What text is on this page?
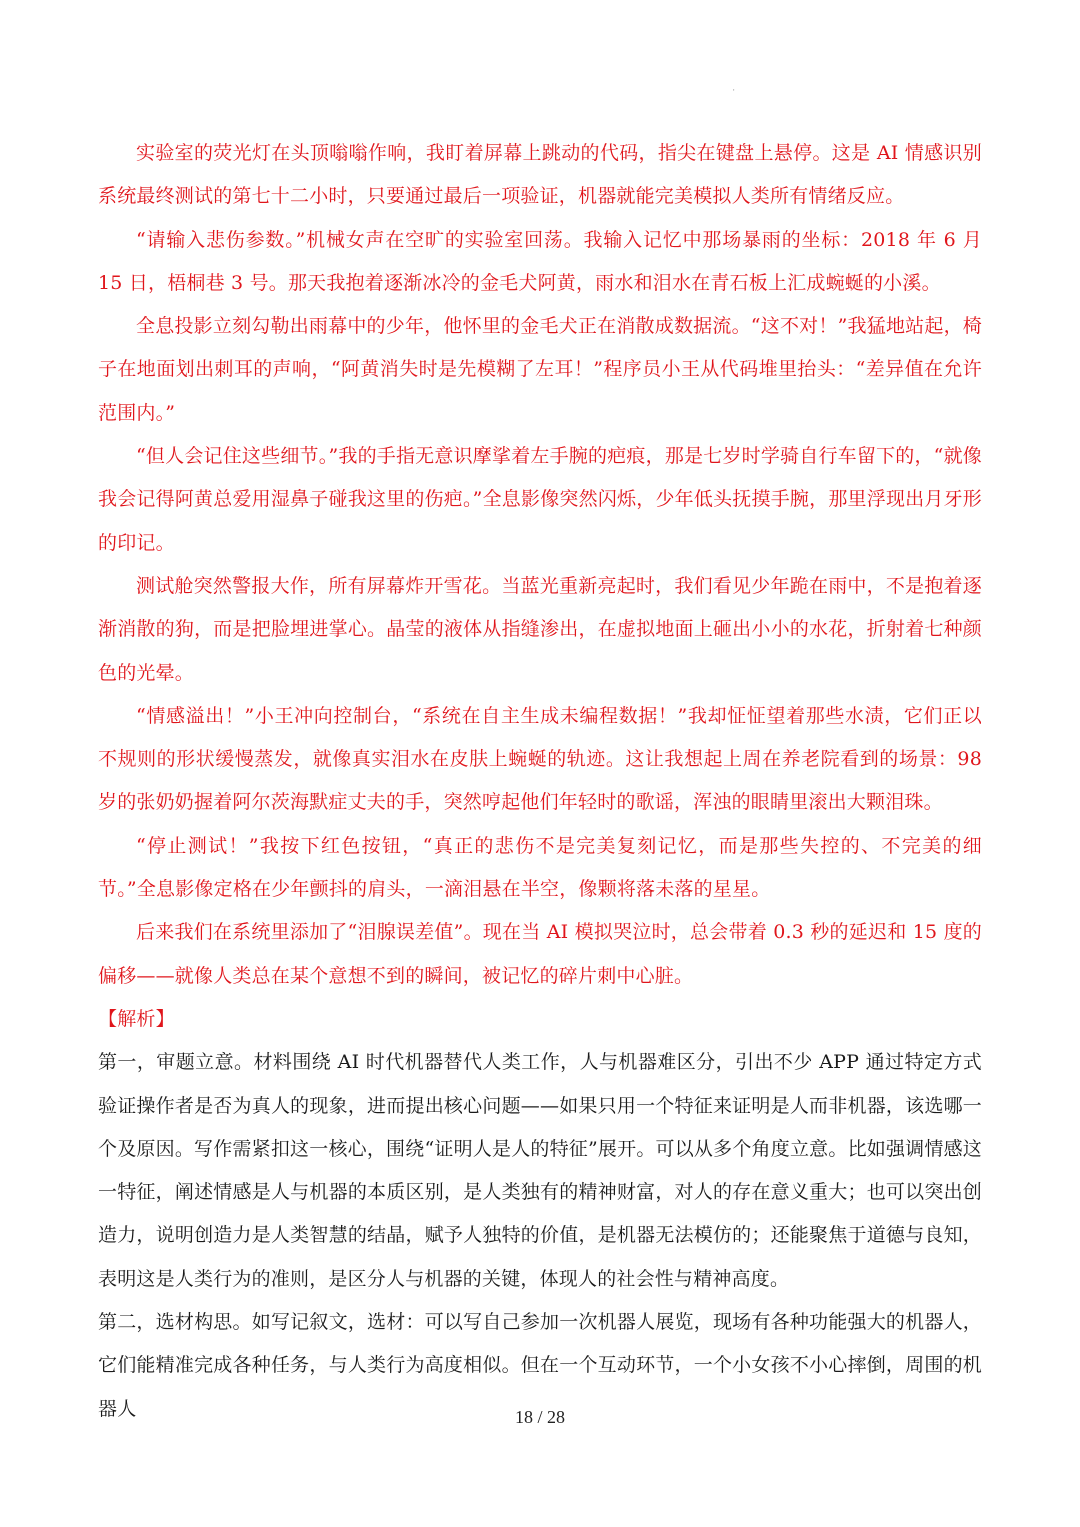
'

实验室的荧光灯在头顶嗡嗡作响，我盯着屏幕上跳动的代码，指尖在键盘上悬停。这是 AI 情感识别系统最终测试的第七十二小时，只要通过最后一项验证，机器就能完美模拟人类所有情绪反应。

“请输入悲伤参数。”机械女声在空旷的实验室回荡。我输入记忆中那场暴雨的坐标：2018 年 6 月 15 日，梧桐巷 3 号。那天我抱着逐渐冰冷的金毛犬阿黄，雨水和泪水在青石板上汇成蜿蜒的小溪。

全息投影立刻勾勒出雨幕中的少年，他怀里的金毛犬正在消散成数据流。“这不对！”我猛地站起，椅子在地面划出刺耳的声响，“阿黄消失时是先模糊了左耳！”程序员小王从代码堆里抬头：“差异值在允许范围内。”

“但人会记住这些细节。”我的手指无意识摩挲着左手腕的疤痕，那是七岁时学骑自行车留下的，“就像我会记得阿黄总爱用湿鼻子碰我这里的伤疤。”全息影像突然闪烁，少年低头抚摸手腕，那里浮现出月牙形的印记。

测试舱突然警报大作，所有屏幕炸开雪花。当蓝光重新亮起时，我们看见少年跪在雨中，不是抱着逐渐消散的狗，而是把脸埋进掌心。晶莹的液体从指缝渗出，在虚拟地面上砸出小小的水花，折射着七种颜色的光晕。

“情感溢出！”小王冲向控制台，“系统在自主生成未编程数据！”我却怔怔望着那些水渍，它们正以不规则的形状缓慢蒸发，就像真实泪水在皮肤上蜿蜒的轨迹。这让我想起上周在养老院看到的场景：98 岁的张奶奶握着阿尔茨海默症丈夫的手，突然哼起他们年轻时的歌谣，浑浊的眼睛里滚出大颗泪珠。

“停止测试！”我按下红色按钮，“真正的悲伤不是完美复刻记忆，而是那些失控的、不完美的细节。”全息影像定格在少年颤抖的肩头，一滴泪悬在半空，像颗将落未落的星星。

后来我们在系统里添加了“泪腺误差值”。现在当 AI 模拟哭泣时，总会带着 0.3 秒的延迟和 15 度的偏移——就像人类总在某个意想不到的瞬间，被记忆的碎片刺中心脏。

【解析】

第一，审题立意。材料围绕 AI 时代机器替代人类工作，人与机器难区分，引出不少 APP 通过特定方式验证操作者是否为真人的现象，进而提出核心问题——如果只用一个特征来证明是人而非机器，该选哪一个及原因。写作需紧扣这一核心，围绕“证明人是人的特征”展开。可以从多个角度立意。比如强调情感这一特征，阐述情感是人与机器的本质区别，是人类独有的精神财富，对人的存在意义重大；也可以突出创造力，说明创造力是人类智慧的结晶，赋予人独特的价值，是机器无法模仿的；还能聚焦于道德与良知，表明这是人类行为的准则，是区分人与机器的关键，体现人的社会性与精神高度。

第二，选材构思。如写记叙文，选材：可以写自己参加一次机器人展览，现场有各种功能强大的机器人，它们能精准完成各种任务，与人类行为高度相似。但在一个互动环节，一个小女孩不小心摔倒，周围的机器人	18 / 28
